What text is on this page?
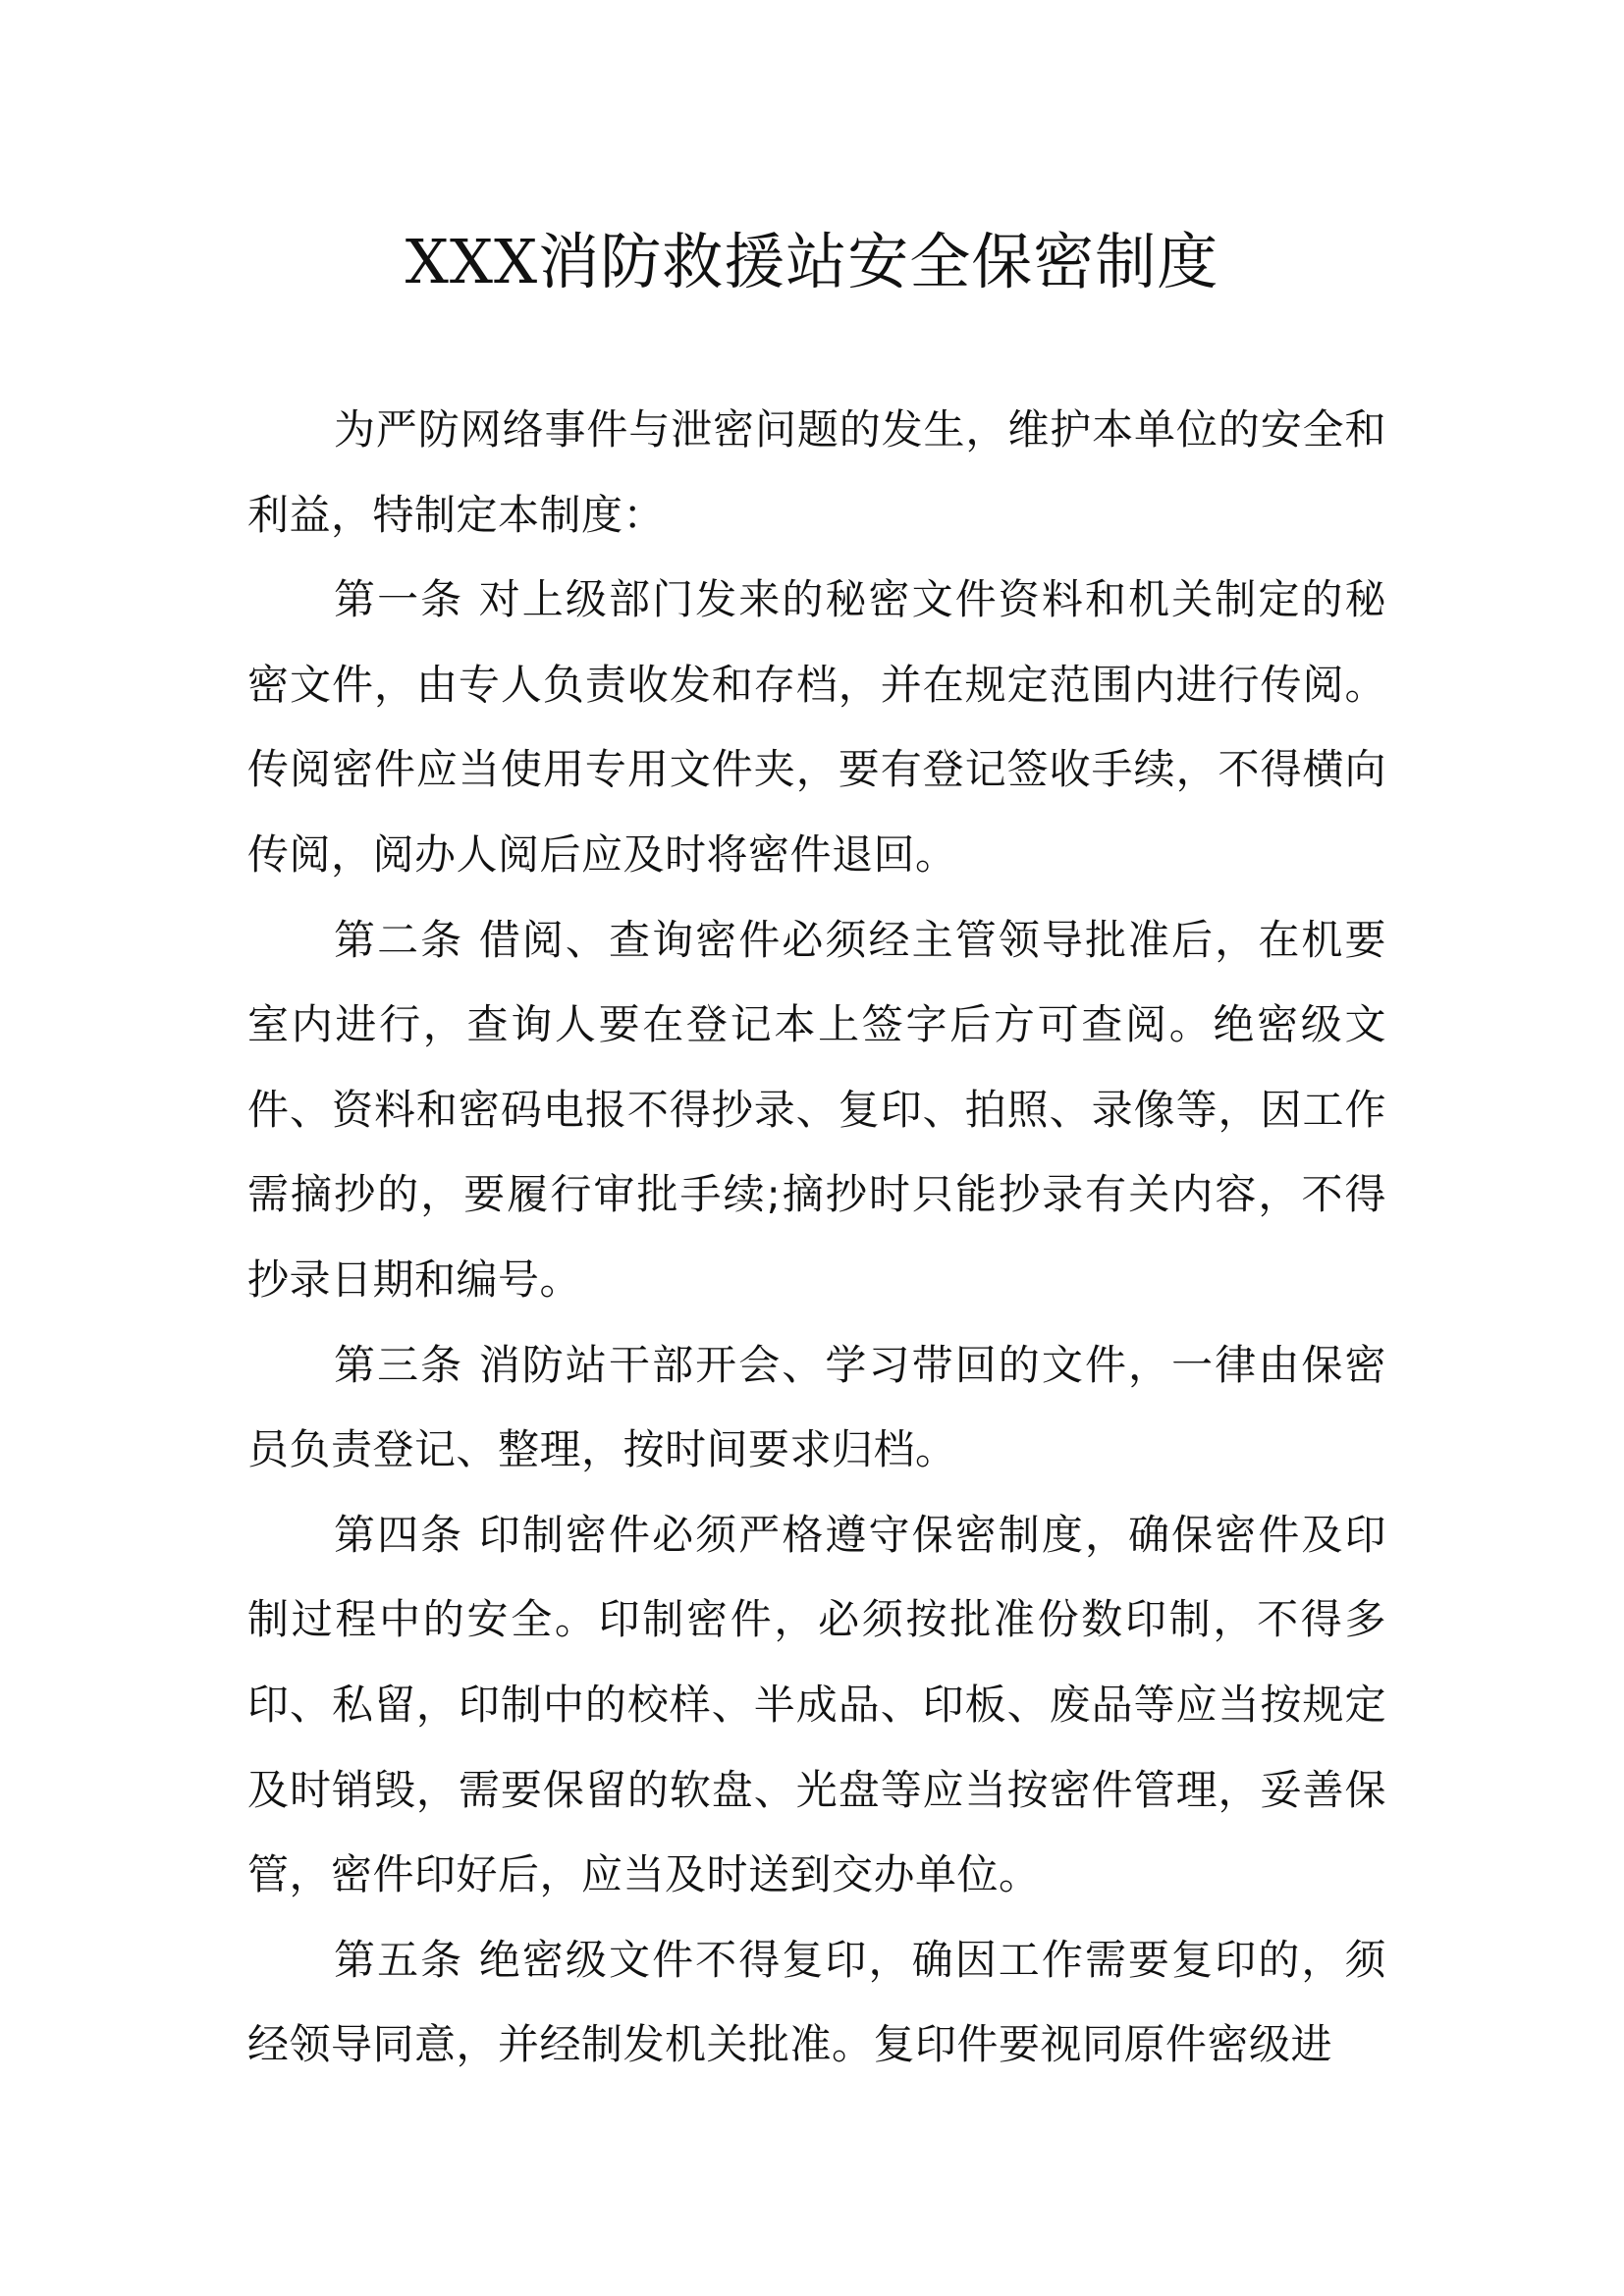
XXX消防救援站安全保密制度

为严防网络事件与泄密问题的发生，维护本单位的安全和利益，特制定本制度：

第一条 对上级部门发来的秘密文件资料和机关制定的秘密文件，由专人负责收发和存档，并在规定范围内进行传阅。传阅密件应当使用专用文件夹，要有登记签收手续，不得横向传阅，阅办人阅后应及时将密件退回。

第二条 借阅、查询密件必须经主管领导批准后，在机要室内进行，查询人要在登记本上签字后方可查阅。绝密级文件、资料和密码电报不得抄录、复印、拍照、录像等，因工作需摘抄的，要履行审批手续;摘抄时只能抄录有关内容，不得抄录日期和编号。

第三条 消防站干部开会、学习带回的文件，一律由保密员负责登记、整理，按时间要求归档。

第四条 印制密件必须严格遵守保密制度，确保密件及印制过程中的安全。印制密件，必须按批准份数印制，不得多印、私留，印制中的校样、半成品、印板、废品等应当按规定及时销毁，需要保留的软盘、光盘等应当按密件管理，妥善保管，密件印好后，应当及时送到交办单位。

第五条 绝密级文件不得复印，确因工作需要复印的，须经领导同意，并经制发机关批准。复印件要视同原件密级进
